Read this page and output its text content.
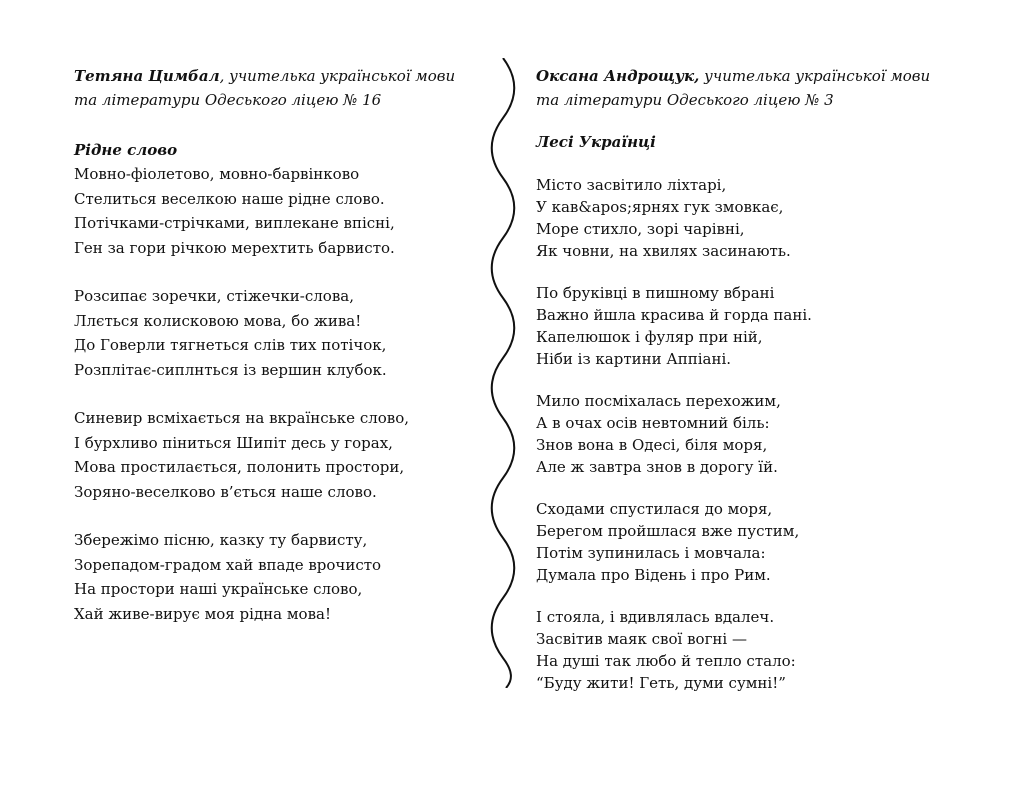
Тетяна Цимбал, учителька української мови
та літератури Одеського ліцею № 16
Рідне слово
Мовно-фіолетово, мовно-барвінково
Стелиться веселкою наше рідне слово.
Потічками-стрічками, виплекане впісні,
Ген за гори річкою мерехтить барвисто.
Розсипає зоречки, стіжечки-слова,
Ллється колисковою мова, бо жива!
До Говерли тягнеться слів тих потічок,
Розплітає-сиплнться із вершин клубок.
Синевир всміхається на вкраїнське слово,
І бурхливо піниться Шипіт десь у горах,
Мова простилається, полонить простори,
Зоряно-веселково в’ється наше слово.
Збережімо пісню, казку ту барвисту,
Зорепадом-градом хай впаде врочисто
На простори наші українське слово,
Хай живе-вирує моя рідна мова!
Оксана Андрощук, учителька української мови
та літератури Одеського ліцею № 3
Лесі Українці
Місто засвітило ліхтарі,
У кав&apos;ярнях гук змовкає,
Море стихло, зорі чарівні,
Як човни, на хвилях засинають.
По бруківці в пишному вбрані
Важно йшла красива й горда пані.
Капелюшок і фуляр при ній,
Ніби із картини Аппіані.
Мило посміхалась перехожим,
А в очах осів невтомний біль:
Знов вона в Одесі, біля моря,
Але ж завтра знов в дорогу їй.
Сходами спустилася до моря,
Берегом пройшлася вже пустим,
Потім зупинилась і мовчала:
Думала про Відень і про Рим.
І стояла, і вдивлялась вдалеч.
Засвітив маяк свої вогні —
На душі так любо й тепло стало:
“Буду жити! Геть, думи сумні!”
